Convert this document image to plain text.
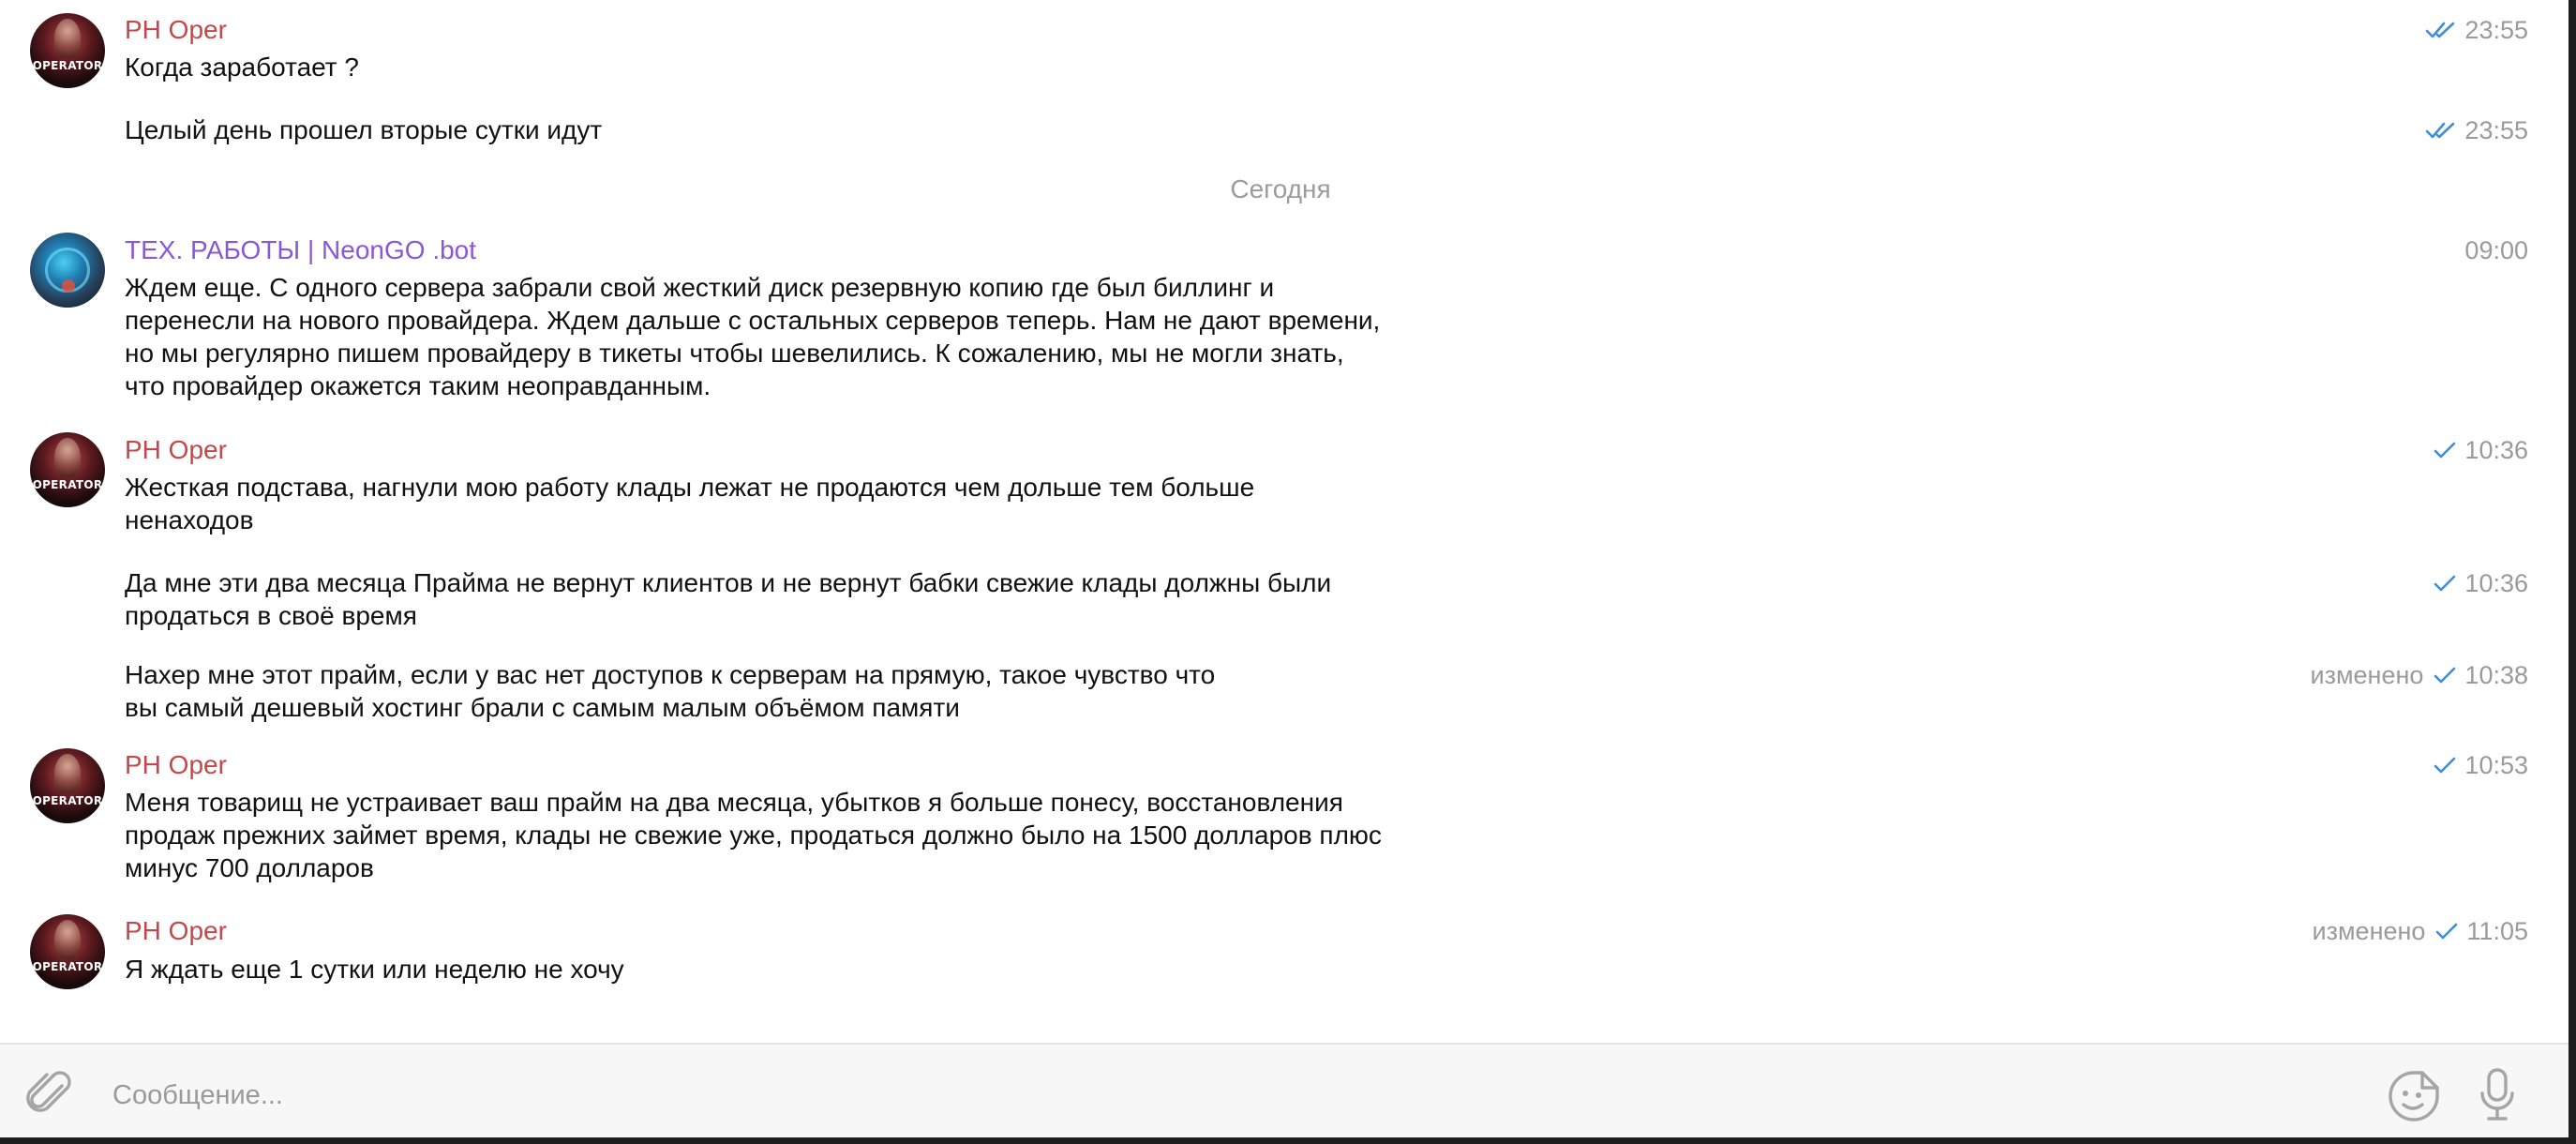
OPERATOR
PH Oper
Когда заработает ?
23:55
Целый день прошел вторые сутки идут	23:55
Сегодня
ТЕХ. РАБОТЫ | NeonGO .bot
Ждем еще. С одного сервера забрали свой жесткий диск резервную копию где был биллинг и
перенесли на нового провайдера. Ждем дальше с остальных серверов теперь. Нам не дают времени,
но мы регулярно пишем провайдеру в тикеты чтобы шевелились. К сожалению, мы не могли знать,
что провайдер окажется таким неоправданным.
09:00
OPERATOR
PH Oper
Жесткая подстава, нагнули мою работу клады лежат не продаются чем дольше тем больше
ненаходов
10:36
Да мне эти два месяца Прайма не вернут клиентов и не вернут бабки свежие клады должны были
продаться в своё время
10:36
Нахер мне этот прайм, если у вас нет доступов к серверам на прямую, такое чувство что
вы самый дешевый хостинг брали с самым малым объёмом памяти
изменено 10:38
OPERATOR
PH Oper
Меня товарищ не устраивает ваш прайм на два месяца, убытков я больше понесу, восстановления
продаж прежних займет время, клады не свежие уже, продаться должно было на 1500 долларов плюс
минус 700 долларов
10:53
OPERATOR
PH Oper
Я ждать еще 1 сутки или неделю не хочу
изменено 11:05
Сообщение...
